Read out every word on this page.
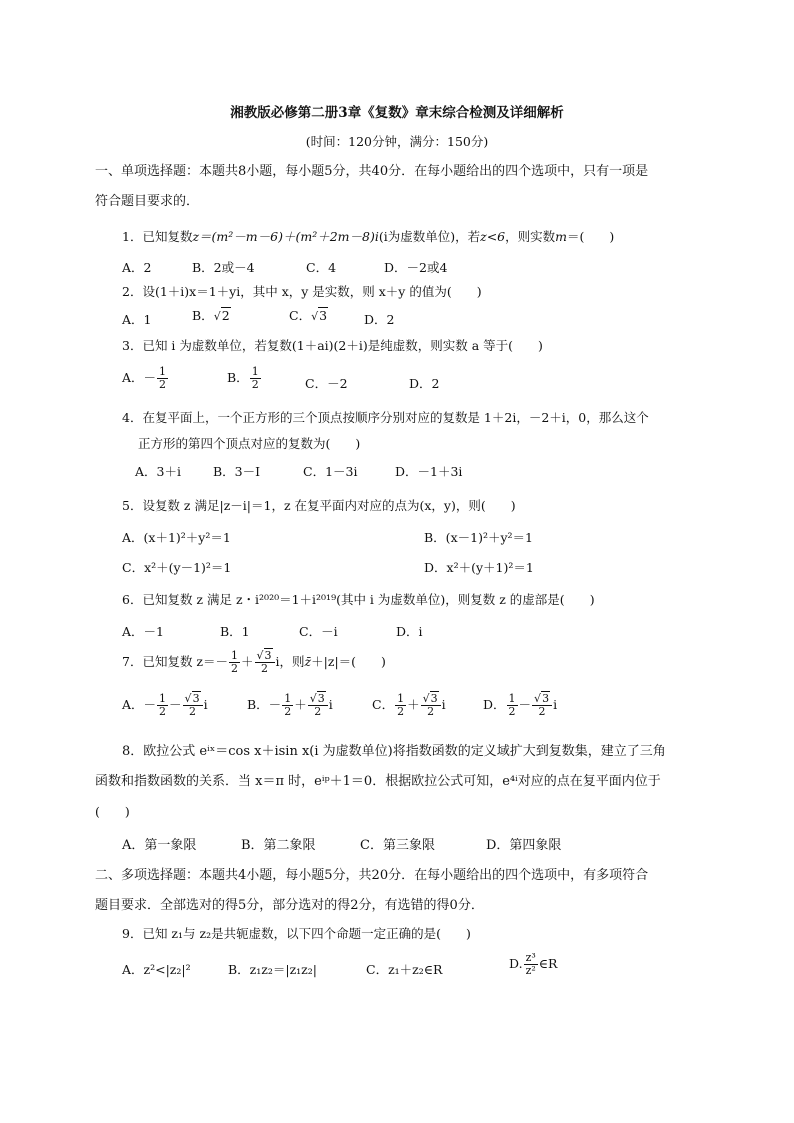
湘教版必修第二册3章《复数》章末综合检测及详细解析
(时间：120分钟，满分：150分)
一、单项选择题：本题共8小题，每小题5分，共40分．在每小题给出的四个选项中，只有一项是
符合题目要求的．
1．已知复数z＝(m²－m－6)＋(m²＋2m－8)i(i为虚数单位)，若z<6，则实数m＝(　　)
A．2	B．2或－4	C．4	D．－2或4
2．设(1＋i)x＝1＋yi，其中 x，y 是实数，则 x＋y 的值为(　　)
A．1	B．√2	C．√3	D．2
3．已知 i 为虚数单位，若复数(1＋ai)(2＋i)是纯虚数，则实数 a 等于(　　)
A．－ $\frac{1}{2}$	B． $\frac{1}{2}$	C．－2	D．2
4．在复平面上，一个正方形的三个顶点按顺序分别对应的复数是 1＋2i，－2＋i，0，那么这个
正方形的第四个顶点对应的复数为(　　)
A．3＋i	B．3－I	C．1－3i	D．－1＋3i
5．设复数 z 满足|z－i|＝1，z 在复平面内对应的点为(x，y)，则(　　)
A．(x＋1)²＋y²＝1	B．(x－1)²＋y²＝1
C．x²＋(y－1)²＝1	D．x²＋(y＋1)²＝1
6．已知复数 z 满足 z・i²⁰²⁰＝1＋i²⁰¹⁹(其中 i 为虚数单位)，则复数 z 的虚部是(　　)
A．－1	B．1	C．－i	D．i
7．已知复数 $z=- \frac{1}{2} + \frac{√3}{2}$ i，则z̄＋|z|＝(　　)
A．－ $\frac{1}{2} - \frac{√3}{2}$ i	B．－ $\frac{1}{2} + \frac{√3}{2}$ i	C． $\frac{1}{2} + \frac{√3}{2}$ i	D． $\frac{1}{2} - \frac{√3}{2}$ i
8．欧拉公式 eⁱˣ＝cos x＋isin x(i 为虚数单位)将指数函数的定义域扩大到复数集，建立了三角
函数和指数函数的关系．当 x＝π 时，eⁱᵖ＋1＝0．根据欧拉公式可知，e⁴ⁱ对应的点在复平面内位于
(　　)
A．第一象限	B．第二象限	C．第三象限	D．第四象限
二、多项选择题：本题共4小题，每小题5分，共20分．在每小题给出的四个选项中，有多项符合
题目要求．全部选对的得5分，部分选对的得2分，有选错的得0分．
9．已知 z₁与 z₂是共轭虚数，以下四个命题一定正确的是(　　)
A．z²<|z₂|²	B．z₁z₂＝|z₁z₂|	C．z₁＋z₂∈R	D. $\frac{\text{z³}}{\text{z²}}$ ∈R
